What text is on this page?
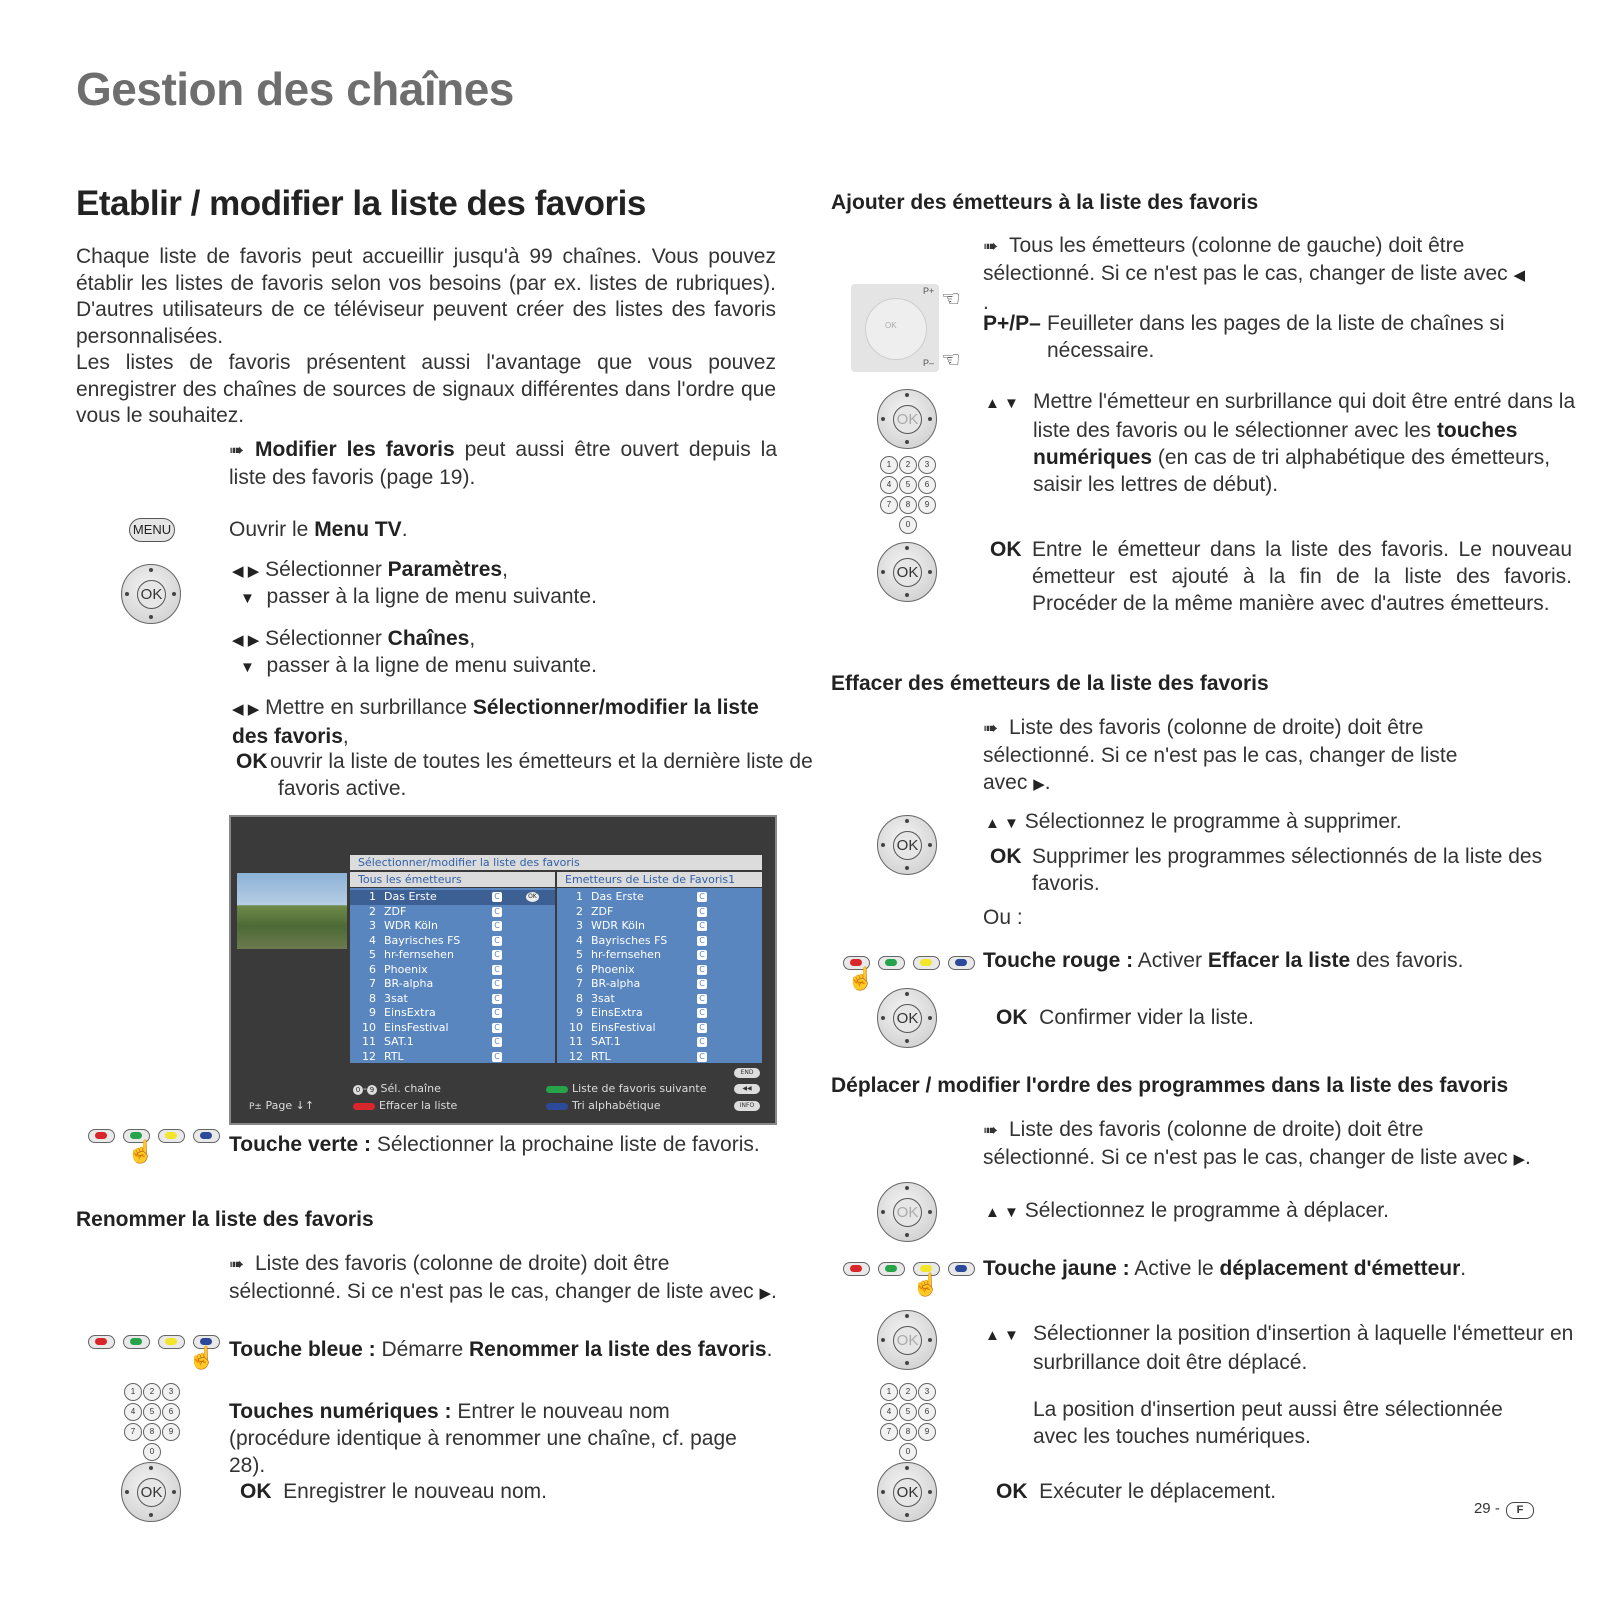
Gestion des chaînes
Etablir / modifier la liste des favoris

Chaque liste de favoris peut accueillir jusqu'à 99 chaînes. Vous pouvez établir les listes de favoris selon vos besoins (par ex. listes de rubriques). D'autres utilisateurs de ce téléviseur peuvent créer des listes des favoris personnalisées.

Les listes de favoris présentent aussi l'avantage que vous pouvez enregistrer des chaînes de sources de signaux différentes dans l'ordre que vous le souhaitez.

➠ Modifier les favoris peut aussi être ouvert depuis la liste des favoris (page 19).
MENU	Ouvrir le Menu TV.
OK
◀ ▶ Sélectionner Paramètres,
▼ passer à la ligne de menu suivante.
◀ ▶ Sélectionner Chaînes,
▼ passer à la ligne de menu suivante.
◀ ▶ Mettre en surbrillance Sélectionner/modifier la liste des favoris,
OK ouvrir la liste de toutes les émetteurs et la dernière liste de favoris active.
Sélectionner/modifier la liste des favoris
Tous les émetteurs	Emetteurs de Liste de Favoris1
1 Das Erste	C	OK
2 ZDF	C
3 WDR Köln	C
4 Bayrisches FS	C
5 hr-fernsehen	C
6 Phoenix	C
7 BR-alpha	C
8 3sat	C
9 EinsExtra	C
10 EinsFestival	C
11 SAT.1	C
12 RTL	C
1 Das Erste	C
2 ZDF	C
3 WDR Köln	C
4 Bayrisches FS	C
5 hr-fernsehen	C
6 Phoenix	C
7 BR-alpha	C
8 3sat	C
9 EinsExtra	C
10 EinsFestival	C
11 SAT.1	C
12 RTL	C
END
0 - 9 Sél. chaîne	Liste de favoris suivante	◀◀
P± Page ↓↑	Effacer la liste	Tri alphabétique	INFO
☝	Touche verte : Sélectionner la prochaine liste de favoris.
Renommer la liste des favoris
➠ Liste des favoris (colonne de droite) doit être sélectionné. Si ce n'est pas le cas, changer de liste avec ▶.
☝ Touche bleue : Démarre Renommer la liste des favoris.
1	2	3
4	5	6
7	8	9
0
Touches numériques : Entrer le nouveau nom (procédure identique à renommer une chaîne, cf. page 28).
OK	OK Enregistrer le nouveau nom.
Ajouter des émetteurs à la liste des favoris
➠ Tous les émetteurs (colonne de gauche) doit être sélectionné. Si ce n'est pas le cas, changer de liste avec ◀ .
OK
P+
P–
☜
☜
P+/P– Feuilleter dans les pages de la liste de chaînes si nécessaire.
OK
1	2	3
4	5	6
7	8	9
0
▲ ▼ Mettre l'émetteur en surbrillance qui doit être entré dans la liste des favoris ou le sélectionner avec les touches numériques (en cas de tri alphabétique des émetteurs, saisir les lettres de début).
OK
OK Entre le émetteur dans la liste des favoris. Le nouveau émetteur est ajouté à la fin de la liste des favoris. Procéder de la même manière avec d'autres émetteurs.
Effacer des émetteurs de la liste des favoris
➠ Liste des favoris (colonne de droite) doit être sélectionné. Si ce n'est pas le cas, changer de liste avec ▶.
OK
▲ ▼ Sélectionnez le programme à supprimer.
OK Supprimer les programmes sélectionnés de la liste des favoris.
Ou :
☝
Touche rouge : Activer Effacer la liste des favoris.
OK	OK Confirmer vider la liste.
Déplacer / modifier l'ordre des programmes dans la liste des favoris
➠ Liste des favoris (colonne de droite) doit être sélectionné. Si ce n'est pas le cas, changer de liste avec ▶.
OK	▲ ▼ Sélectionnez le programme à déplacer.
☝
Touche jaune : Active le déplacement d'émetteur.
OK	▲ ▼ Sélectionner la position d'insertion à laquelle l'émetteur en surbrillance doit être déplacé.
1	2	3
4	5	6
7	8	9
0
La position d'insertion peut aussi être sélectionnée avec les touches numériques.
OK	OK Exécuter le déplacement.
29 - F
